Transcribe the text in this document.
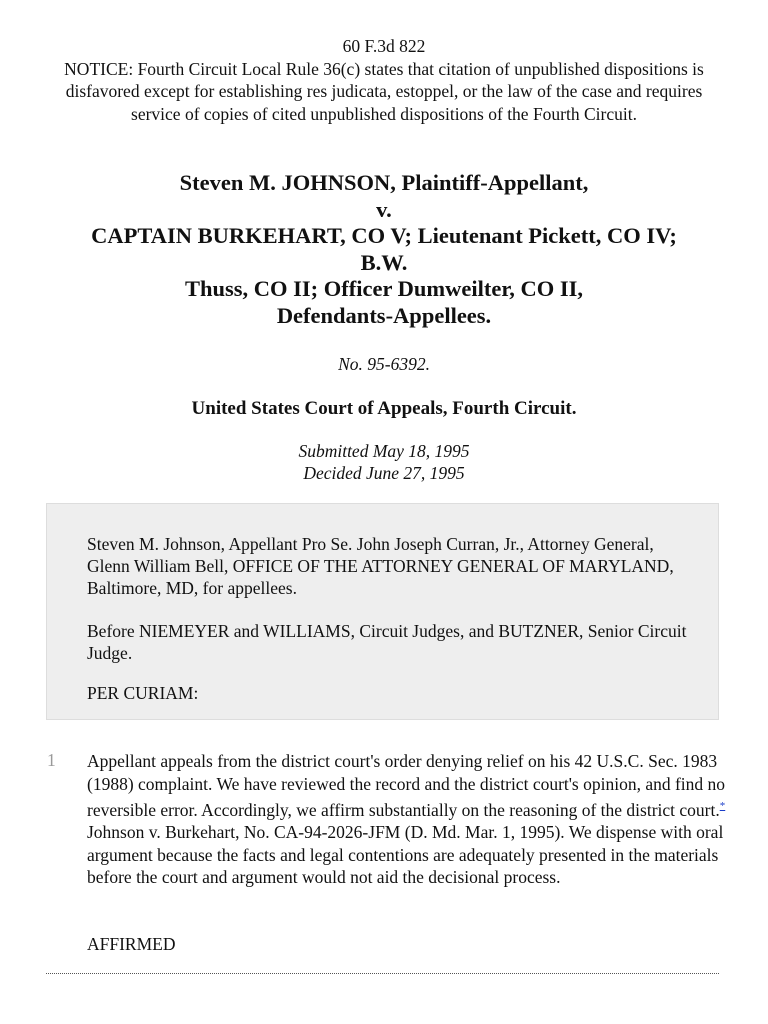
60 F.3d 822
NOTICE: Fourth Circuit Local Rule 36(c) states that citation of unpublished dispositions is disfavored except for establishing res judicata, estoppel, or the law of the case and requires service of copies of cited unpublished dispositions of the Fourth Circuit.
Steven M. JOHNSON, Plaintiff-Appellant,
v.
CAPTAIN BURKEHART, CO V; Lieutenant Pickett, CO IV;
B.W.
Thuss, CO II; Officer Dumweilter, CO II,
Defendants-Appellees.
No. 95-6392.
United States Court of Appeals, Fourth Circuit.
Submitted May 18, 1995
Decided June 27, 1995

Steven M. Johnson, Appellant Pro Se. John Joseph Curran, Jr., Attorney General, Glenn William Bell, OFFICE OF THE ATTORNEY GENERAL OF MARYLAND, Baltimore, MD, for appellees.

Before NIEMEYER and WILLIAMS, Circuit Judges, and BUTZNER, Senior Circuit Judge.

PER CURIAM:

1 Appellant appeals from the district court's order denying relief on his 42 U.S.C. Sec. 1983 (1988) complaint. We have reviewed the record and the district court's opinion, and find no reversible error. Accordingly, we affirm substantially on the reasoning of the district court.* Johnson v. Burkehart, No. CA-94-2026-JFM (D. Md. Mar. 1, 1995). We dispense with oral argument because the facts and legal contentions are adequately presented in the materials before the court and argument would not aid the decisional process.

AFFIRMED
